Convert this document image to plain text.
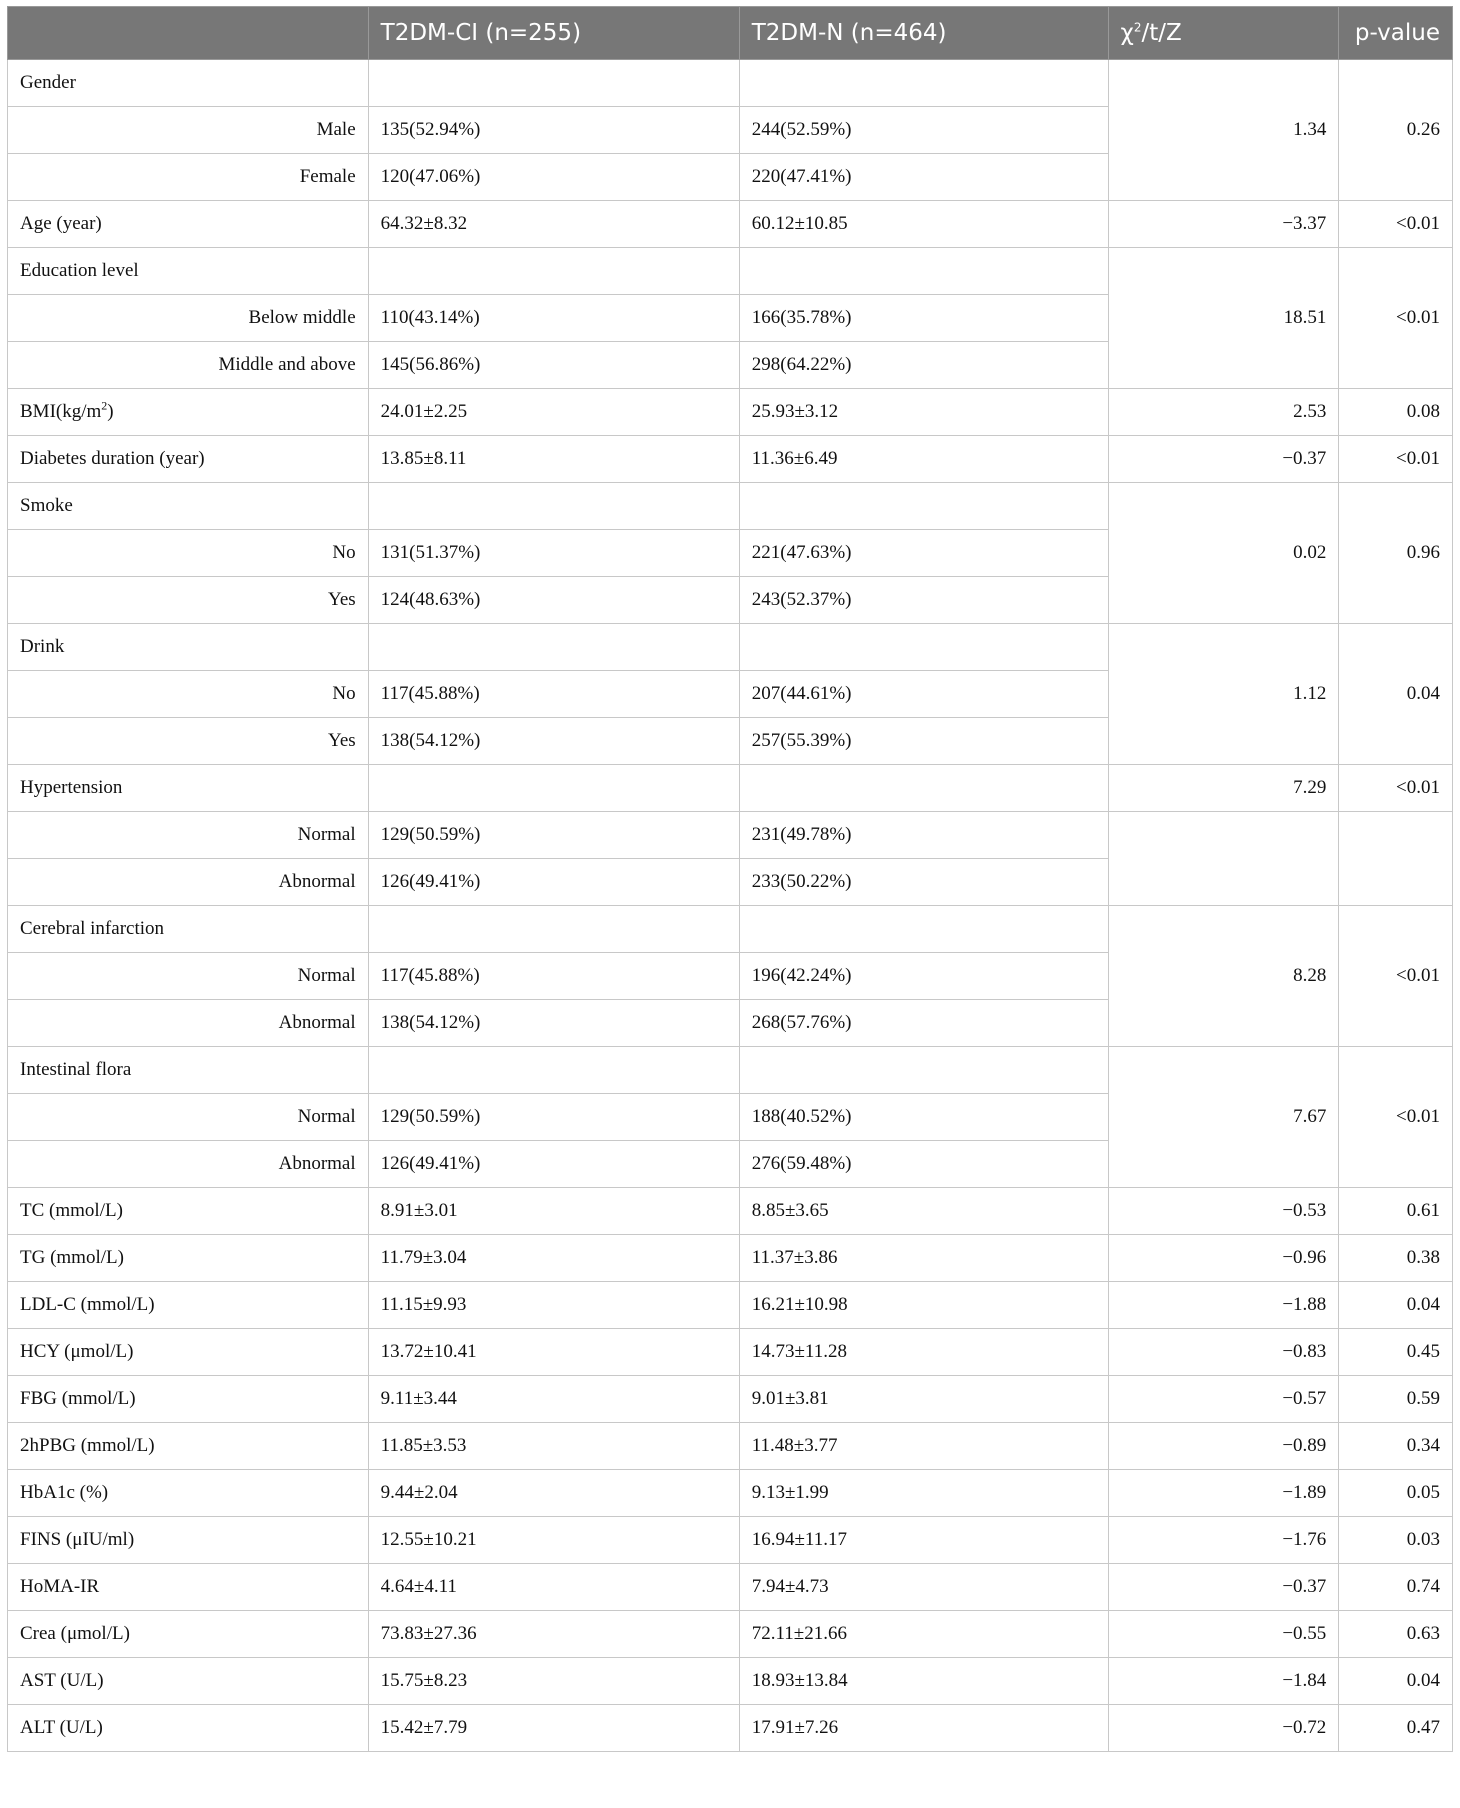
	T2DM-CI (n=255)	T2DM-N (n=464)	$\chi^2/t/Z$	p-value
Gender			1.34	0.26
Male	135(52.94%)	244(52.59%)		
Female	120(47.06%)	220(47.41%)		
Age (year)	64.32±8.32	60.12±10.85	−3.37	<0.01
Education level			18.51	<0.01
Below middle	110(43.14%)	166(35.78%)		
Middle and above	145(56.86%)	298(64.22%)		
$BMI(kg/m^2)$	24.01±2.25	25.93±3.12	2.53	0.08
Diabetes duration (year)	13.85±8.11	11.36±6.49	−0.37	<0.01
Smoke			0.02	0.96
No	131(51.37%)	221(47.63%)		
Yes	124(48.63%)	243(52.37%)		
Drink			1.12	0.04
No	117(45.88%)	207(44.61%)		
Yes	138(54.12%)	257(55.39%)		
Hypertension			7.29	<0.01
Normal	129(50.59%)	231(49.78%)		
Abnormal	126(49.41%)	233(50.22%)		
Cerebral infarction			8.28	<0.01
Normal	117(45.88%)	196(42.24%)		
Abnormal	138(54.12%)	268(57.76%)		
Intestinal flora			7.67	<0.01
Normal	129(50.59%)	188(40.52%)		
Abnormal	126(49.41%)	276(59.48%)		
TC (mmol/L)	8.91±3.01	8.85±3.65	−0.53	0.61
TG (mmol/L)	11.79±3.04	11.37±3.86	−0.96	0.38
LDL-C (mmol/L)	11.15±9.93	16.21±10.98	−1.88	0.04
HCY (μmol/L)	13.72±10.41	14.73±11.28	−0.83	0.45
FBG (mmol/L)	9.11±3.44	9.01±3.81	−0.57	0.59
2hPBG (mmol/L)	11.85±3.53	11.48±3.77	−0.89	0.34
HbA1c (%)	9.44±2.04	9.13±1.99	−1.89	0.05
FINS (μIU/ml)	12.55±10.21	16.94±11.17	−1.76	0.03
HoMA-IR	4.64±4.11	7.94±4.73	−0.37	0.74
Crea (μmol/L)	73.83±27.36	72.11±21.66	−0.55	0.63
AST (U/L)	15.75±8.23	18.93±13.84	−1.84	0.04
ALT (U/L)	15.42±7.79	17.91±7.26	−0.72	0.47
